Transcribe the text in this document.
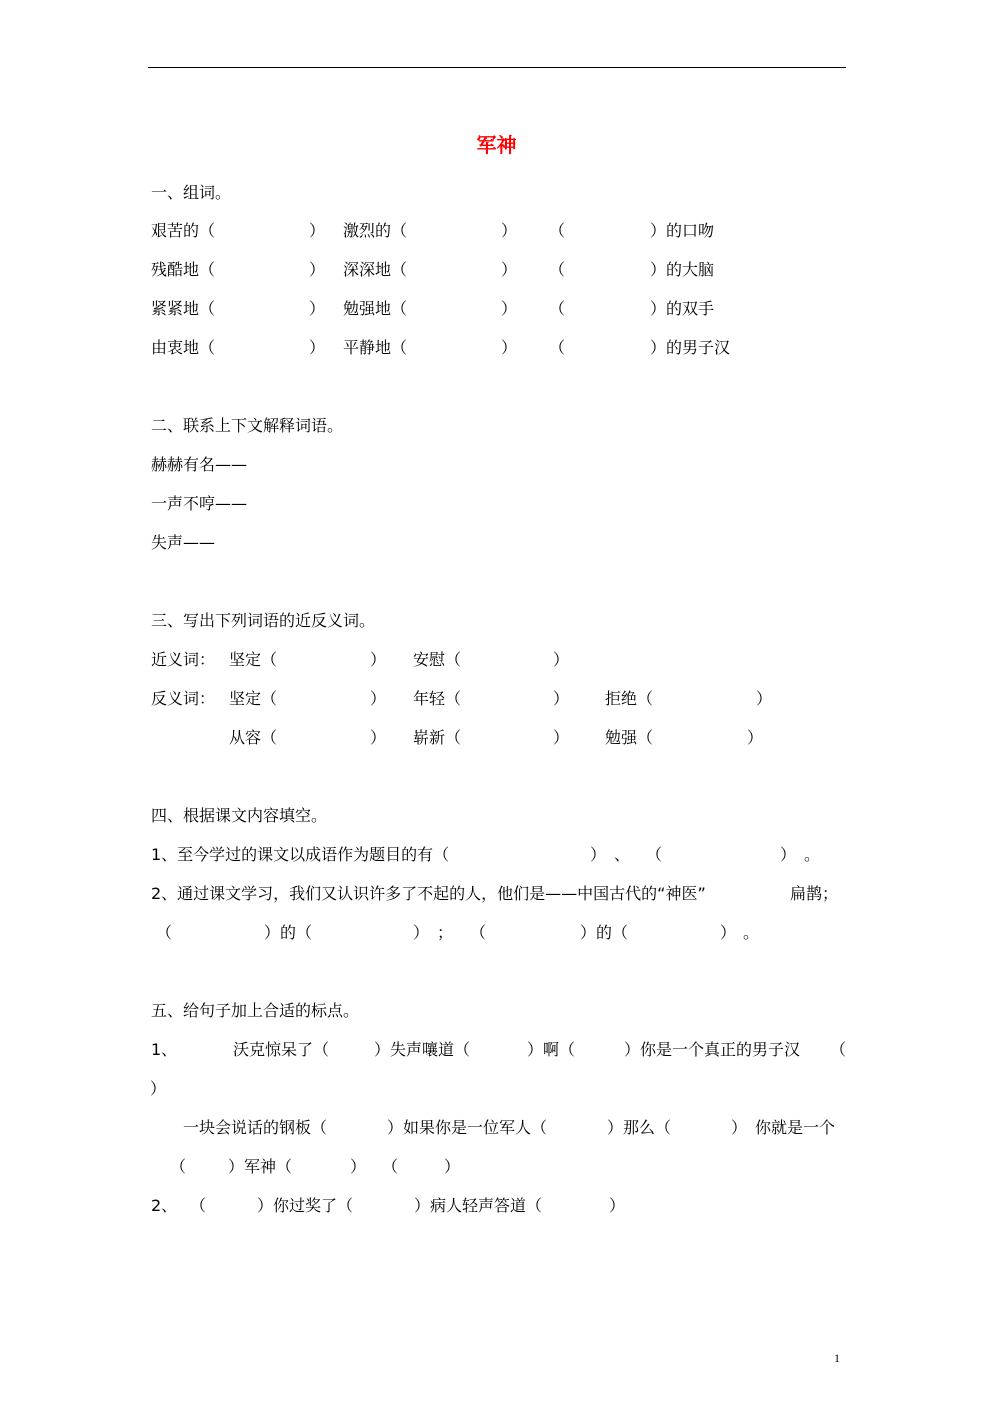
军神
一、组词。
艰苦的（	） 激烈的（	） （	）的口吻
残酷地（	） 深深地（	） （	）的大脑
紧紧地（	） 勉强地（	） （	）的双手
由衷地（	） 平静地（	） （	）的男子汉
二、联系上下文解释词语。
赫赫有名——
一声不哼——
失声——
三、写出下列词语的近反义词。
近义词： 坚定（	） 安慰（	）
反义词： 坚定（	） 年轻（	） 拒绝（	）
从容（	） 崭新（	） 勉强（	）
四、根据课文内容填空。
1、至今学过的课文以成语作为题目的有（	） 、 （	） 。
2、通过课文学习，我们又认识许多了不起的人，他们是——中国古代的“神医”	扁鹊；
（	）的（	） ； （	）的（	） 。
五、给句子加上合适的标点。
1、	沃克惊呆了（	）失声嚷道（	）啊（	）你是一个真正的男子汉 （
）
一块会说话的钢板（	）如果你是一位军人（	）那么（	） 你就是一个
（	）军神（	） （	）
2、 （	）你过奖了（	）病人轻声答道（	）
1
